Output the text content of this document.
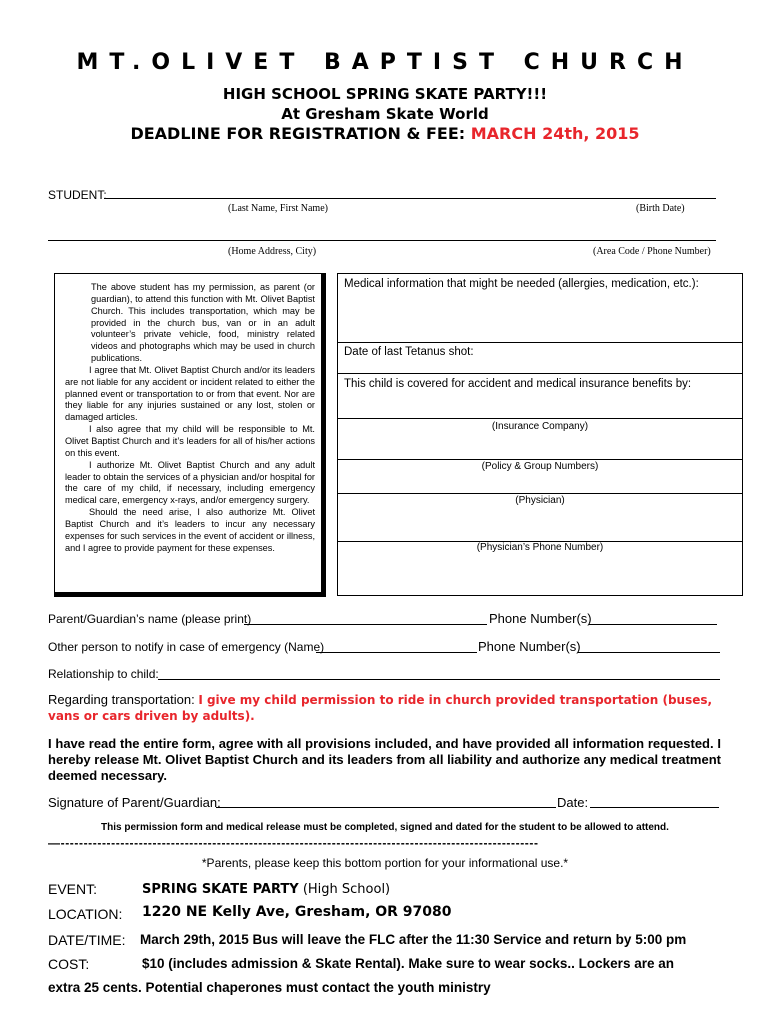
MT.OLIVET BAPTIST CHURCH
HIGH SCHOOL SPRING SKATE PARTY!!!
At Gresham Skate World
DEADLINE FOR REGISTRATION & FEE: MARCH 24th, 2015
STUDENT:
(Last Name, First Name)	(Birth Date)
(Home Address, City)	(Area Code / Phone Number)

The above student has my permission, as parent (or guardian), to attend this function with Mt. Olivet Baptist Church. This includes transportation, which may be provided in the church bus, van or in an adult volunteer’s private vehicle, food, ministry related videos and photographs which may be used in church publications.

I agree that Mt. Olivet Baptist Church and/or its leaders are not liable for any accident or incident related to either the planned event or transportation to or from that event. Nor are they liable for any injuries sustained or any lost, stolen or damaged articles.

I also agree that my child will be responsible to Mt. Olivet Baptist Church and it’s leaders for all of his/her actions on this event.

I authorize Mt. Olivet Baptist Church and any adult leader to obtain the services of a physician and/or hospital for the care of my child, if necessary, including emergency medical care, emergency x-rays, and/or emergency surgery.

Should the need arise, I also authorize Mt. Olivet Baptist Church and it’s leaders to incur any necessary expenses for such services in the event of accident or illness, and I agree to provide payment for these expenses.

Medical information that might be needed (allergies, medication, etc.):
Date of last Tetanus shot:
This child is covered for accident and medical insurance benefits by:
(Insurance Company)
(Policy & Group Numbers)
(Physician)
(Physician’s Phone Number)
Parent/Guardian’s name (please print)	Phone Number(s)
Other person to notify in case of emergency (Name)	Phone Number(s)
Relationship to child:
Regarding transportation: I give my child permission to ride in church provided transportation (buses, vans or cars driven by adults).
I have read the entire form, agree with all provisions included, and have provided all information requested. I hereby release Mt. Olivet Baptist Church and its leaders from all liability and authorize any medical treatment deemed necessary.
Signature of Parent/Guardian:	Date:
This permission form and medical release must be completed, signed and dated for the student to be allowed to attend.
—--------------------------------------------------------------------------------------------------------
*Parents, please keep this bottom portion for your informational use.*
EVENT:	SPRING SKATE PARTY (High School)
LOCATION: 1220 NE Kelly Ave, Gresham, OR 97080
DATE/TIME: March 29th, 2015 Bus will leave the FLC after the 11:30 Service and return by 5:00 pm
COST:	$10 (includes admission & Skate Rental). Make sure to wear socks.. Lockers are an
extra 25 cents. Potential chaperones must contact the youth ministry
